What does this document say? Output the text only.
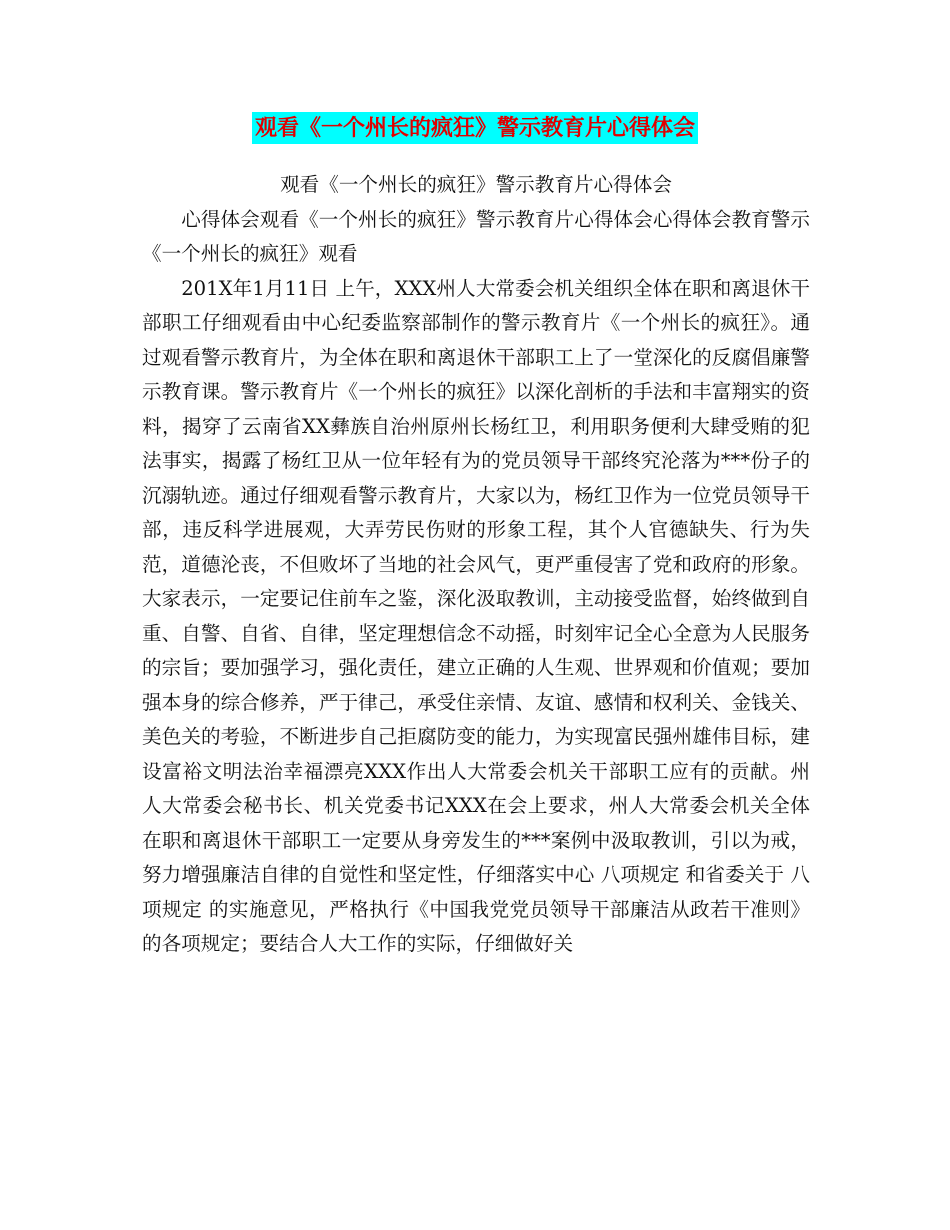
观看《一个州长的疯狂》警示教育片心得体会

观看《一个州长的疯狂》警示教育片心得体会

心得体会观看《一个州长的疯狂》警示教育片心得体会心得体会教育警示《一个州长的疯狂》观看

201X年1月11日 上午，XXX州人大常委会机关组织全体在职和离退休干部职工仔细观看由中心纪委监察部制作的警示教育片《一个州长的疯狂》。通过观看警示教育片，为全体在职和离退休干部职工上了一堂深化的反腐倡廉警示教育课。警示教育片《一个州长的疯狂》以深化剖析的手法和丰富翔实的资料，揭穿了云南省XX彝族自治州原州长杨红卫，利用职务便利大肆受贿的犯法事实，揭露了杨红卫从一位年轻有为的党员领导干部终究沦落为***份子的沉溺轨迹。通过仔细观看警示教育片，大家以为，杨红卫作为一位党员领导干部，违反科学进展观，大弄劳民伤财的形象工程，其个人官德缺失、行为失范，道德沦丧，不但败坏了当地的社会风气，更严重侵害了党和政府的形象。大家表示，一定要记住前车之鉴，深化汲取教训，主动接受监督，始终做到自重、自警、自省、自律，坚定理想信念不动摇，时刻牢记全心全意为人民服务的宗旨；要加强学习，强化责任，建立正确的人生观、世界观和价值观；要加强本身的综合修养，严于律己，承受住亲情、友谊、感情和权利关、金钱关、美色关的考验，不断进步自己拒腐防变的能力，为实现富民强州雄伟目标，建设富裕文明法治幸福漂亮XXX作出人大常委会机关干部职工应有的贡献。州人大常委会秘书长、机关党委书记XXX在会上要求，州人大常委会机关全体在职和离退休干部职工一定要从身旁发生的***案例中汲取教训，引以为戒，努力增强廉洁自律的自觉性和坚定性，仔细落实中心 八项规定 和省委关于 八项规定 的实施意见，严格执行《中国我党党员领导干部廉洁从政若干准则》的各项规定；要结合人大工作的实际，仔细做好关
